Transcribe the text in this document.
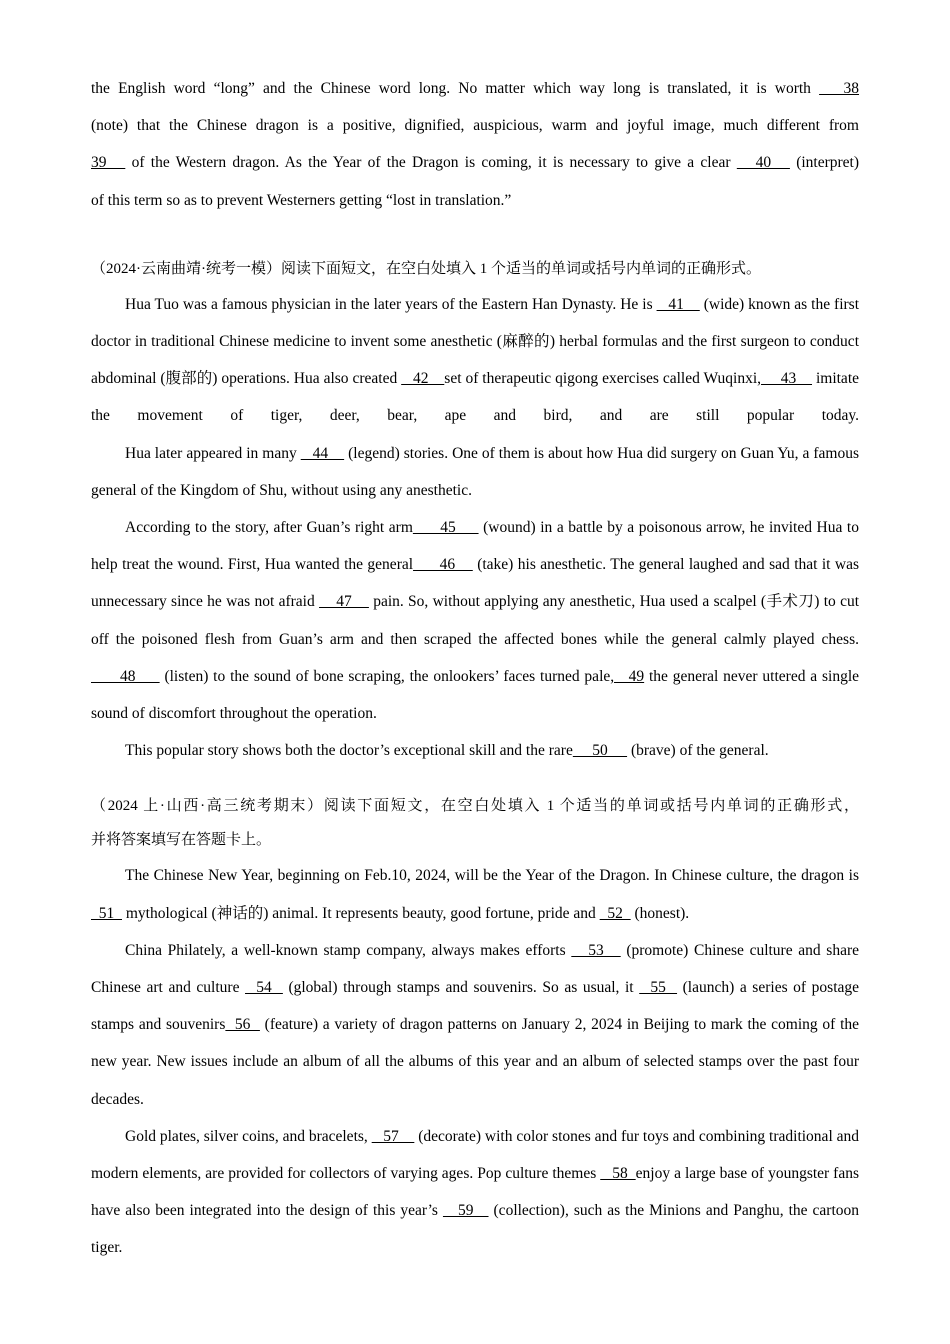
the English word “long” and the Chinese word long. No matter which way long is translated, it is worth    38

(note) that the Chinese dragon is a positive, dignified, auspicious, warm and joyful image, much different from

39    of the Western dragon. As the Year of the Dragon is coming, it is necessary to give a clear    40    (interpret)

of this term so as to prevent Westerners getting “lost in translation.”

（2024·云南曲靖·统考一模）阅读下面短文，在空白处填入 1 个适当的单词或括号内单词的正确形式。

Hua Tuo was a famous physician in the later years of the Eastern Han Dynasty. He is    41     (wide) known as the first doctor in traditional Chinese medicine to invent some anesthetic (麻醉的) herbal formulas and the first surgeon to conduct abdominal (腹部的) operations. Hua also created    42    set of therapeutic qigong exercises called Wuqinxi,     43     imitate the movement of tiger, deer, bear, ape and bird, and are still popular today.

Hua later appeared in many    44     (legend) stories. One of them is about how Hua did surgery on Guan Yu, a famous general of the Kingdom of Shu, without using any anesthetic.

According to the story, after Guan’s right arm      45      (wound) in a battle by a poisonous arrow, he invited Hua to help treat the wound. First, Hua wanted the general      46     (take) his anesthetic. The general laughed and sad that it was unnecessary since he was not afraid     47     pain. So, without applying any anesthetic, Hua used a scalpel (手术刀) to cut off the poisoned flesh from Guan’s arm and then scraped the affected bones while the general calmly played chess.      48      (listen) to the sound of bone scraping, the onlookers’ faces turned pale,   49 the general never uttered a single sound of discomfort throughout the operation.

This popular story shows both the doctor’s exceptional skill and the rare     50      (brave) of the general.

（2024 上·山西·高三统考期末）阅读下面短文，在空白处填入 1 个适当的单词或括号内单词的正确形式，

并将答案填写在答题卡上。

The Chinese New Year, beginning on Feb.10, 2024, will be the Year of the Dragon. In Chinese culture, the dragon is   51   mythological (神话的) animal. It represents beauty, good fortune, pride and   52   (honest).

China Philately, a well-known stamp company, always makes efforts    53    (promote) Chinese culture and share Chinese art and culture   54   (global) through stamps and souvenirs. So as usual, it   55   (launch) a series of postage stamps and souvenirs  56   (feature) a variety of dragon patterns on January 2, 2024 in Beijing to mark the coming of the new year. New issues include an album of all the albums of this year and an album of selected stamps over the past four decades.

Gold plates, silver coins, and bracelets,    57     (decorate) with color stones and fur toys and combining traditional and modern elements, are provided for collectors of varying ages. Pop culture themes    58  enjoy a large base of youngster fans have also been integrated into the design of this year’s    59    (collection), such as the Minions and Panghu, the cartoon tiger.
